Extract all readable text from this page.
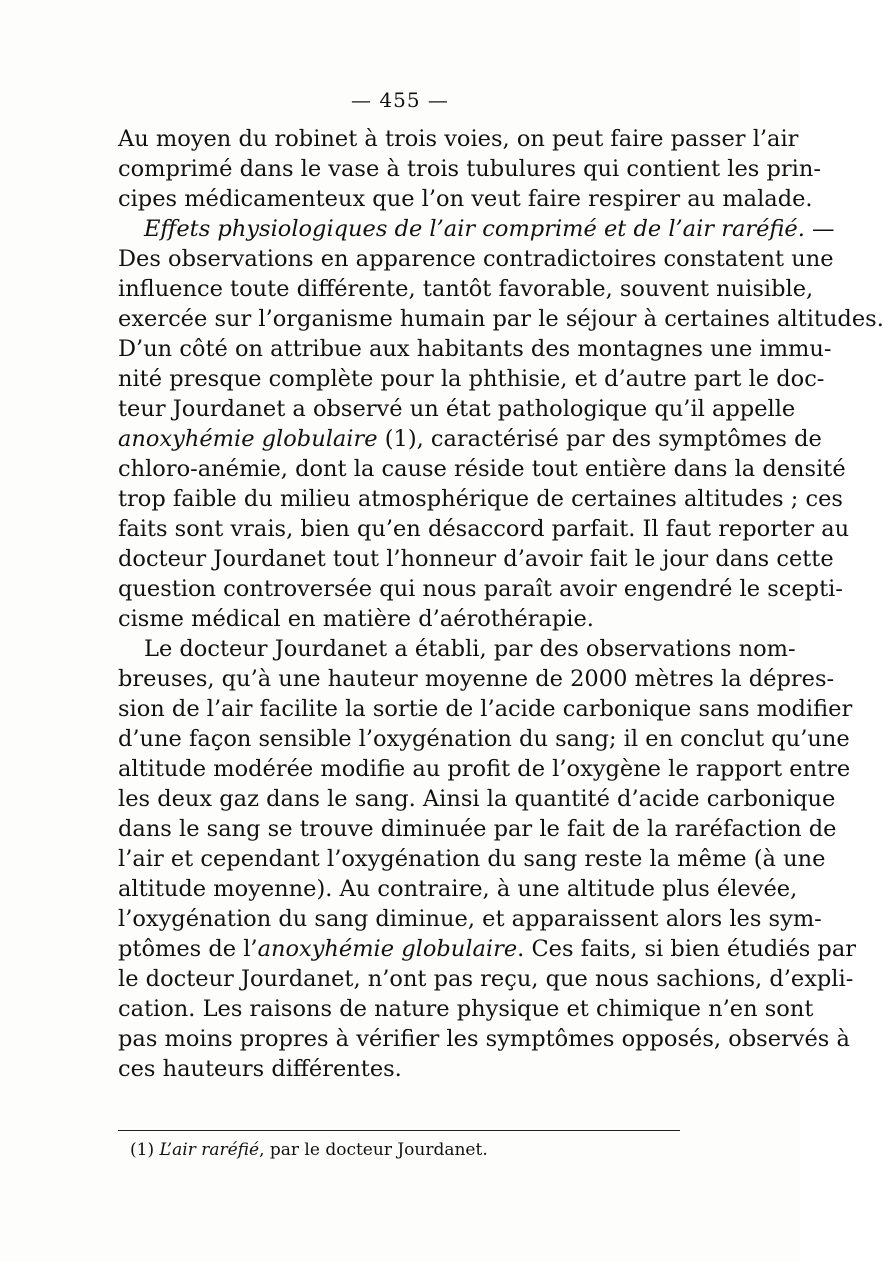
— 455 —
Au moyen du robinet à trois voies, on peut faire passer l’air
comprimé dans le vase à trois tubulures qui contient les prin-
cipes médicamenteux que l’on veut faire respirer au malade.
Effets physiologiques de l’air comprimé et de l’air raréfié. —
Des observations en apparence contradictoires constatent une
influence toute différente, tantôt favorable, souvent nuisible,
exercée sur l’organisme humain par le séjour à certaines altitudes.
D’un côté on attribue aux habitants des montagnes une immu-
nité presque complète pour la phthisie, et d’autre part le doc-
teur Jourdanet a observé un état pathologique qu’il appelle
anoxyhémie globulaire (1), caractérisé par des symptômes de
chloro-anémie, dont la cause réside tout entière dans la densité
trop faible du milieu atmosphérique de certaines altitudes ; ces
faits sont vrais, bien qu’en désaccord parfait. Il faut reporter au
docteur Jourdanet tout l’honneur d’avoir fait le jour dans cette
question controversée qui nous paraît avoir engendré le scepti-
cisme médical en matière d’aérothérapie.
Le docteur Jourdanet a établi, par des observations nom-
breuses, qu’à une hauteur moyenne de 2000 mètres la dépres-
sion de l’air facilite la sortie de l’acide carbonique sans modifier
d’une façon sensible l’oxygénation du sang; il en conclut qu’une
altitude modérée modifie au profit de l’oxygène le rapport entre
les deux gaz dans le sang. Ainsi la quantité d’acide carbonique
dans le sang se trouve diminuée par le fait de la raréfaction de
l’air et cependant l’oxygénation du sang reste la même (à une
altitude moyenne). Au contraire, à une altitude plus élevée,
l’oxygénation du sang diminue, et apparaissent alors les sym-
ptômes de l’anoxyhémie globulaire. Ces faits, si bien étudiés par
le docteur Jourdanet, n’ont pas reçu, que nous sachions, d’expli-
cation. Les raisons de nature physique et chimique n’en sont
pas moins propres à vérifier les symptômes opposés, observés à
ces hauteurs différentes.
(1) L’air raréfié, par le docteur Jourdanet.
